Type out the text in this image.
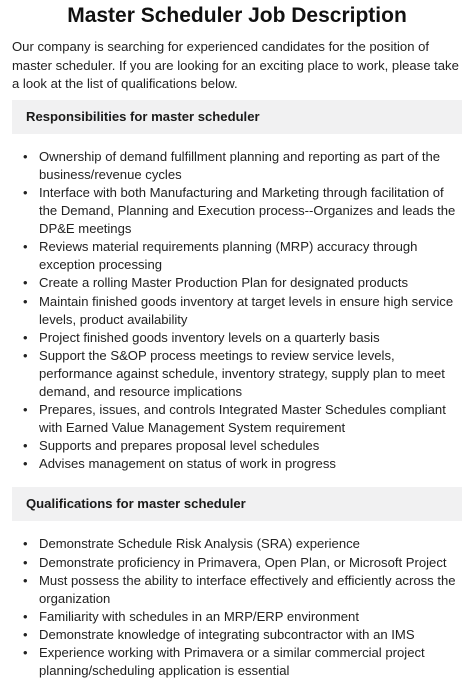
Master Scheduler Job Description

Our company is searching for experienced candidates for the position of master scheduler. If you are looking for an exciting place to work, please take a look at the list of qualifications below.

Responsibilities for master scheduler
• Ownership of demand fulfillment planning and reporting as part of the business/revenue cycles
• Interface with both Manufacturing and Marketing through facilitation of the Demand, Planning and Execution process--Organizes and leads the DP&E meetings
• Reviews material requirements planning (MRP) accuracy through exception processing
• Create a rolling Master Production Plan for designated products
• Maintain finished goods inventory at target levels in ensure high service levels, product availability
• Project finished goods inventory levels on a quarterly basis
• Support the S&OP process meetings to review service levels, performance against schedule, inventory strategy, supply plan to meet demand, and resource implications
• Prepares, issues, and controls Integrated Master Schedules compliant with Earned Value Management System requirement
• Supports and prepares proposal level schedules
• Advises management on status of work in progress
Qualifications for master scheduler
• Demonstrate Schedule Risk Analysis (SRA) experience
• Demonstrate proficiency in Primavera, Open Plan, or Microsoft Project
• Must possess the ability to interface effectively and efficiently across the organization
• Familiarity with schedules in an MRP/ERP environment
• Demonstrate knowledge of integrating subcontractor with an IMS
• Experience working with Primavera or a similar commercial project planning/scheduling application is essential
